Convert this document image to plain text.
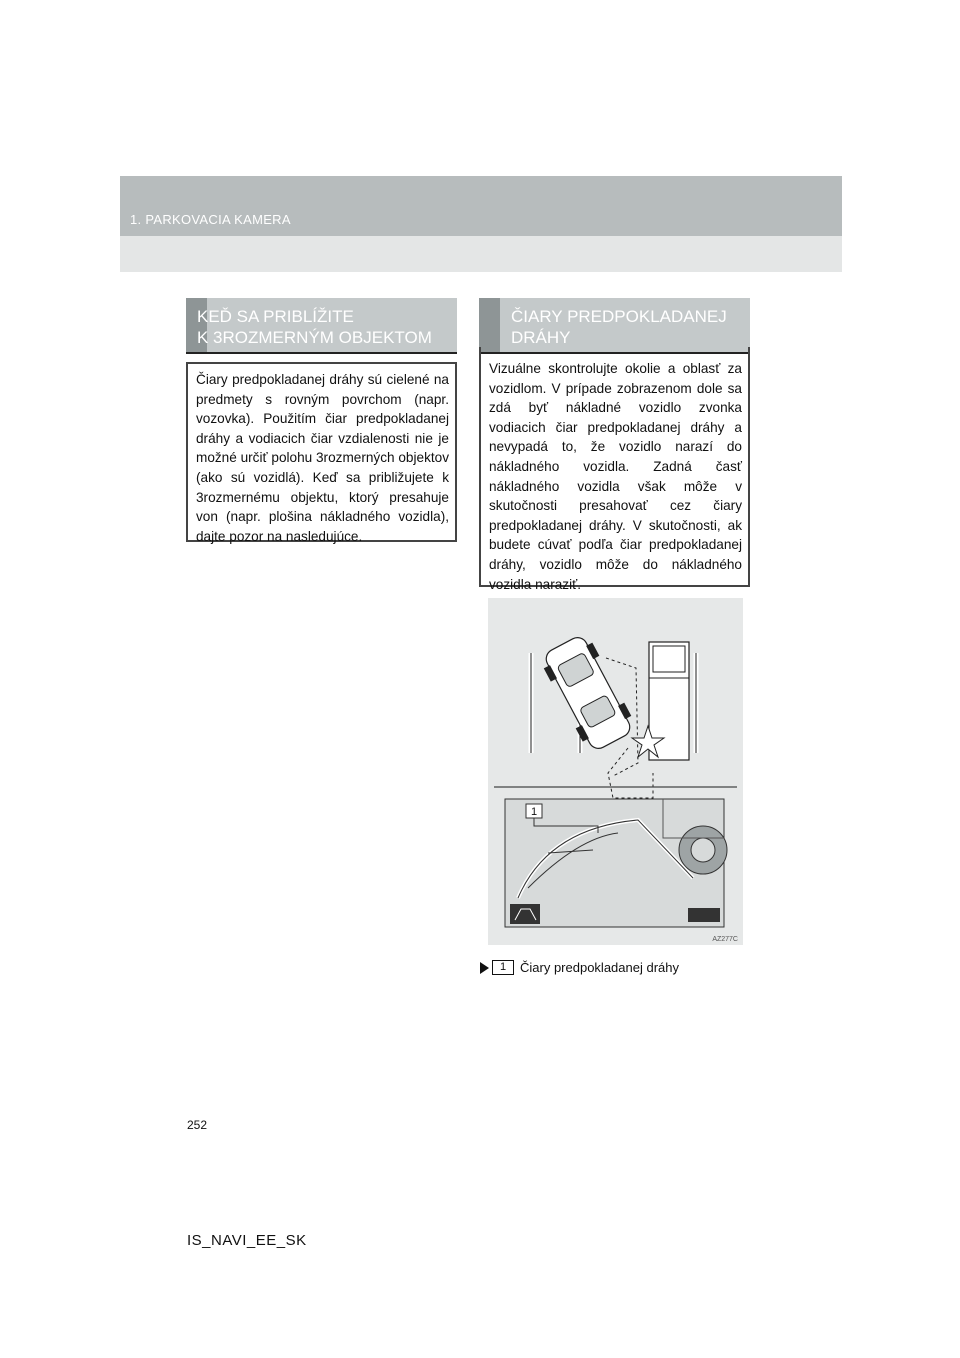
1. PARKOVACIA KAMERA
KEĎ SA PRIBLÍŽITE
K 3ROZMERNÝM OBJEKTOM
Čiary predpokladanej dráhy sú cielené na predmety s rovným povrchom (napr. vozovka). Použitím čiar predpokladanej dráhy a vodiacich čiar vzdialenosti nie je možné určiť polohu 3rozmerných objektov (ako sú vozidlá). Keď sa približujete k 3rozmernému objektu, ktorý presahuje von (napr. plošina nákladného vozidla), dajte pozor na nasledujúce.
ČIARY PREDPOKLADANEJ
DRÁHY
Vizuálne skontrolujte okolie a oblasť za vozidlom. V prípade zobrazenom dole sa zdá byť nákladné vozidlo zvonka vodiacich čiar predpokladanej dráhy a nevypadá to, že vozidlo narazí do nákladného vozidla. Zadná časť nákladného vozidla však môže v skutočnosti presahovať cez čiary predpokladanej dráhy. V skutočnosti, ak budete cúvať podľa čiar predpokladanej dráhy, vozidlo môže do nákladného vozidla naraziť.
1
AZ277C
1	Čiary predpokladanej dráhy
252
IS_NAVI_EE_SK
